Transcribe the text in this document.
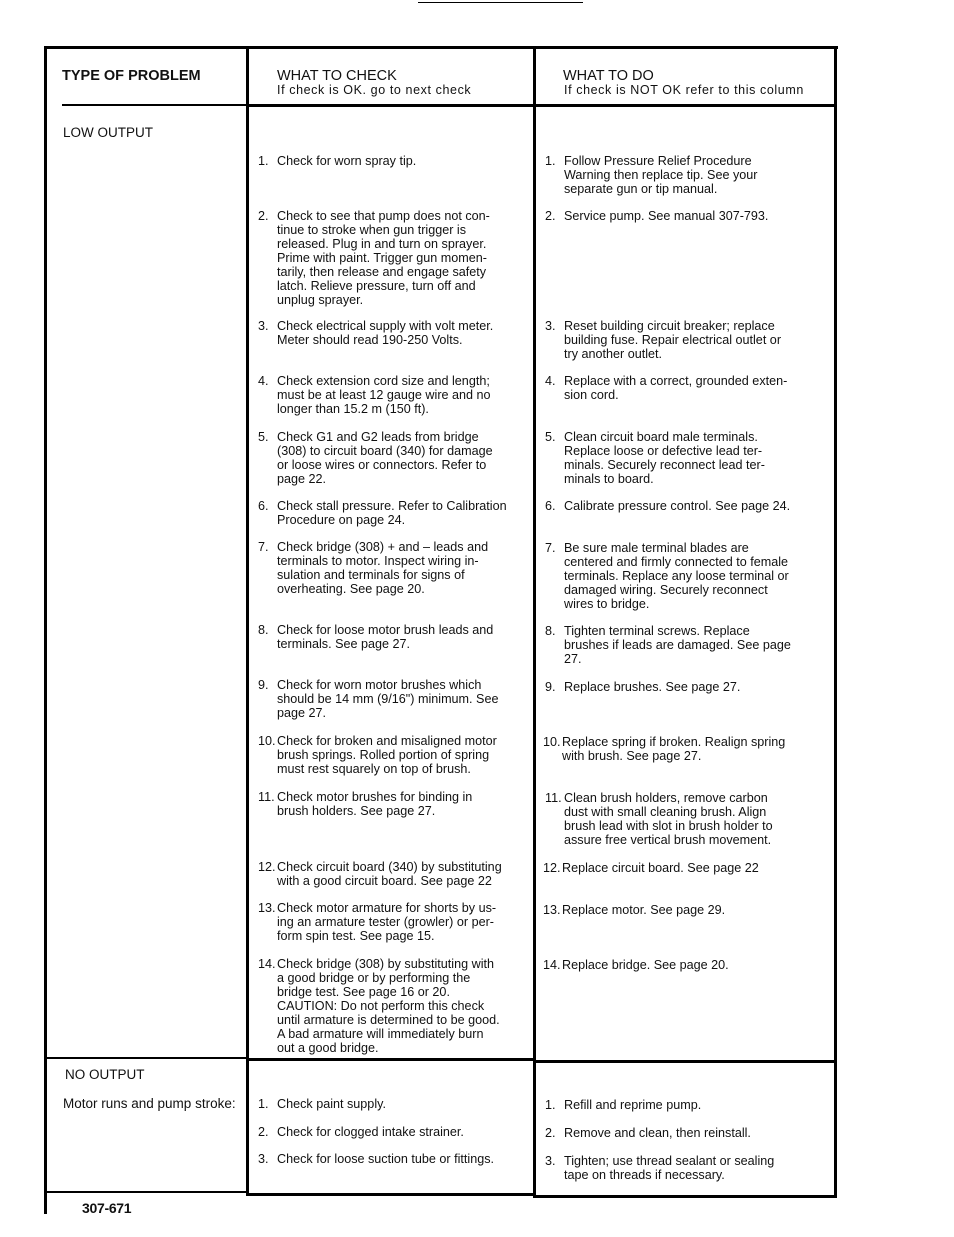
TYPE OF PROBLEM	WHAT TO CHECK
If check is OK. go to next check
WHAT TO DO
If check is NOT OK refer to this column
LOW OUTPUT
NO OUTPUT
Motor runs and pump stroke:
1. Check for worn spray tip.
2. Check to see that pump does not con-
tinue to stroke when gun trigger is
released. Plug in and turn on sprayer.
Prime with paint. Trigger gun momen-
tarily, then release and engage safety
latch. Relieve pressure, turn off and
unplug sprayer.
3. Check electrical supply with volt meter.
Meter should read 190-250 Volts.
4. Check extension cord size and length;
must be at least 12 gauge wire and no
longer than 15.2 m (150 ft).
5. Check G1 and G2 leads from bridge
(308) to circuit board (340) for damage
or loose wires or connectors. Refer to
page 22.
6. Check stall pressure. Refer to Calibration
Procedure on page 24.
7. Check bridge (308) + and – leads and
terminals to motor. Inspect wiring in-
sulation and terminals for signs of
overheating. See page 20.
8. Check for loose motor brush leads and
terminals. See page 27.
9. Check for worn motor brushes which
should be 14 mm (9/16") minimum. See
page 27.
10. Check for broken and misaligned motor
brush springs. Rolled portion of spring
must rest squarely on top of brush.
11. Check motor brushes for binding in
brush holders. See page 27.
12. Check circuit board (340) by substituting
with a good circuit board. See page 22
13. Check motor armature for shorts by us-
ing an armature tester (growler) or per-
form spin test. See page 15.
14. Check bridge (308) by substituting with
a good bridge or by performing the
bridge test. See page 16 or 20.
CAUTION: Do not perform this check
until armature is determined to be good.
A bad armature will immediately burn
out a good bridge.
1. Follow Pressure Relief Procedure
Warning then replace tip. See your
separate gun or tip manual.
2. Service pump. See manual 307-793.
3. Reset building circuit breaker; replace
building fuse. Repair electrical outlet or
try another outlet.
4. Replace with a correct, grounded exten-
sion cord.
5. Clean circuit board male terminals.
Replace loose or defective lead ter-
minals. Securely reconnect lead ter-
minals to board.
6. Calibrate pressure control. See page 24.
7. Be sure male terminal blades are
centered and firmly connected to female
terminals. Replace any loose terminal or
damaged wiring. Securely reconnect
wires to bridge.
8. Tighten terminal screws. Replace
brushes if leads are damaged. See page
27.
9. Replace brushes. See page 27.
10. Replace spring if broken. Realign spring
with brush. See page 27.
11. Clean brush holders, remove carbon
dust with small cleaning brush. Align
brush lead with slot in brush holder to
assure free vertical brush movement.
12. Replace circuit board. See page 22
13. Replace motor. See page 29.
14. Replace bridge. See page 20.
1. Check paint supply.
2. Check for clogged intake strainer.
3. Check for loose suction tube or fittings.
1. Refill and reprime pump.
2. Remove and clean, then reinstall.
3. Tighten; use thread sealant or sealing
tape on threads if necessary.
307-671
